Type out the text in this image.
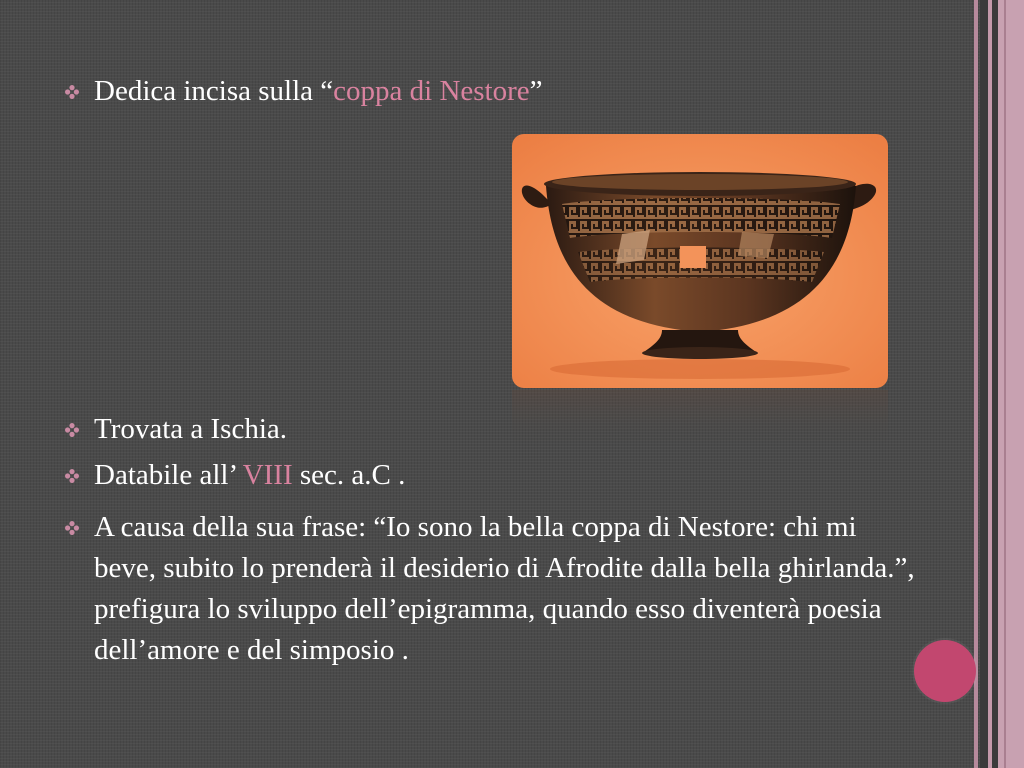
Dedica incisa sulla “coppa di Nestore”
Trovata a Ischia.
Databile all’ VIII sec. a.C .
A causa della sua frase: “Io sono la bella coppa di Nestore: chi mi beve, subito lo prenderà il desiderio di Afrodite dalla bella ghirlanda.”, prefigura lo sviluppo dell’epigramma, quando esso diventerà poesia dell’amore e del simposio .
